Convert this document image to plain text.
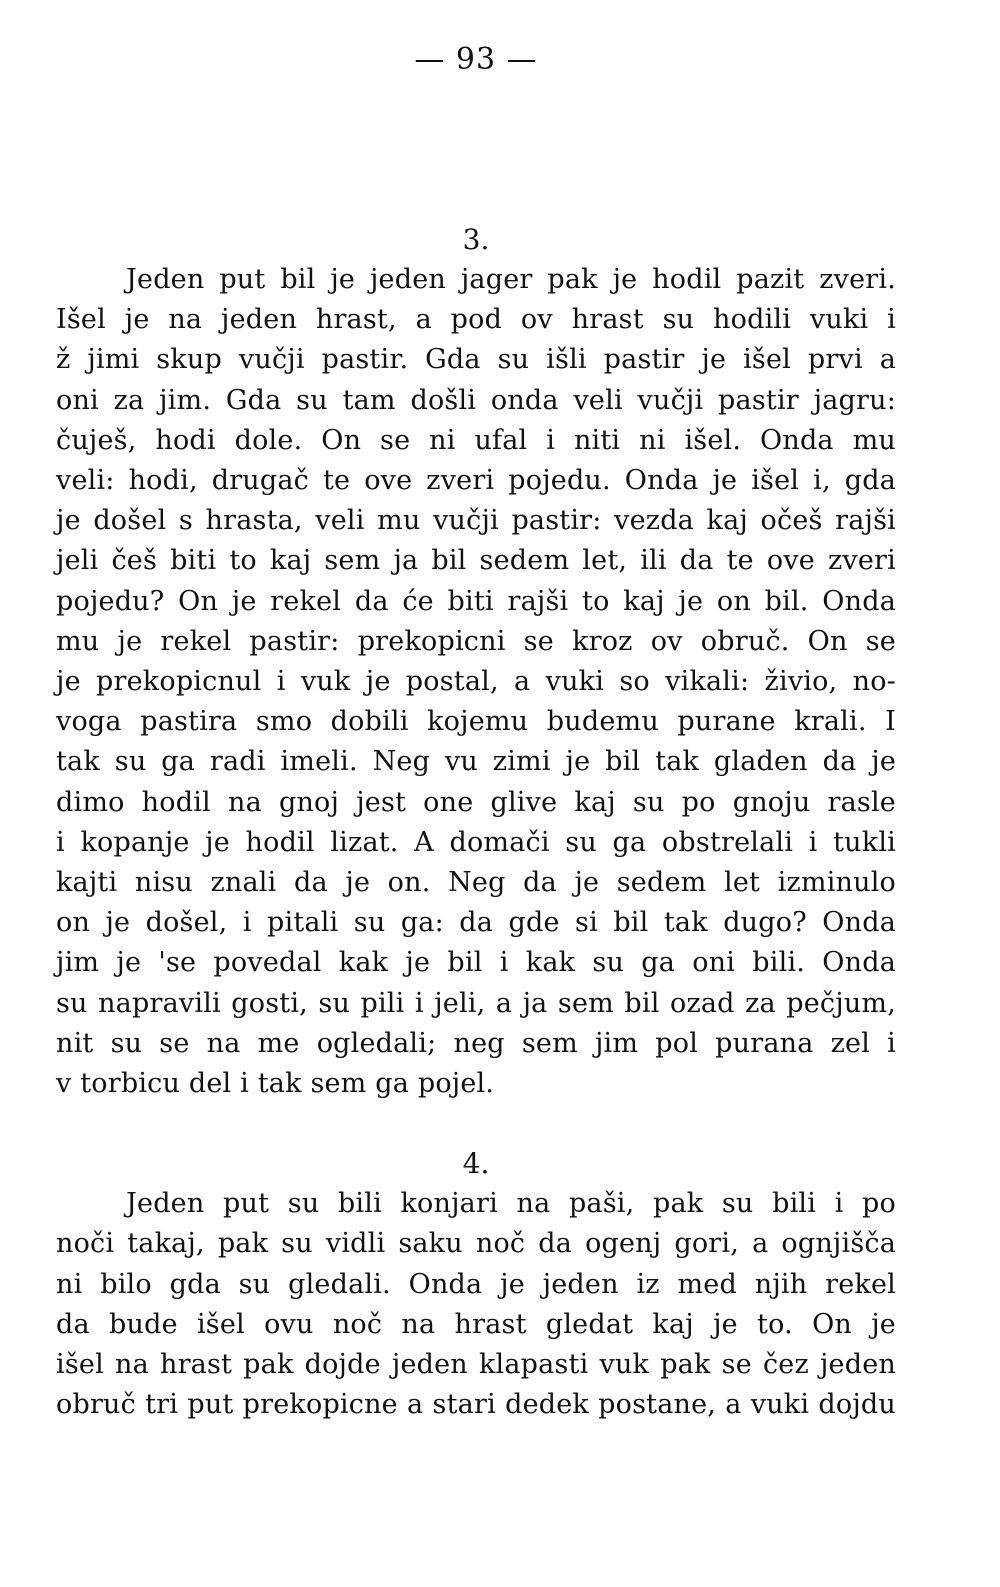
— 93 —
3.
Jeden put bil je jeden jager pak je hodil pazit zveri.
Išel je na jeden hrast, a pod ov hrast su hodili vuki i
ž jimi skup vučji pastir. Gda su išli pastir je išel prvi a
oni za jim. Gda su tam došli onda veli vučji pastir jagru:
čuješ, hodi dole. On se ni ufal i niti ni išel. Onda mu
veli: hodi, drugač te ove zveri pojedu. Onda je išel i, gda
je došel s hrasta, veli mu vučji pastir: vezda kaj očeš rajši
jeli češ biti to kaj sem ja bil sedem let, ili da te ove zveri
pojedu? On je rekel da će biti rajši to kaj je on bil. Onda
mu je rekel pastir: prekopicni se kroz ov obruč. On se
je prekopicnul i vuk je postal, a vuki so vikali: živio, no-
voga pastira smo dobili kojemu budemu purane krali. I
tak su ga radi imeli. Neg vu zimi je bil tak gladen da je
dimo hodil na gnoj jest one glive kaj su po gnoju rasle
i kopanje je hodil lizat. A domači su ga obstrelali i tukli
kajti nisu znali da je on. Neg da je sedem let izminulo
on je došel, i pitali su ga: da gde si bil tak dugo? Onda
jim je 'se povedal kak je bil i kak su ga oni bili. Onda
su napravili gosti, su pili i jeli, a ja sem bil ozad za pečjum,
nit su se na me ogledali; neg sem jim pol purana zel i
v torbicu del i tak sem ga pojel.
4.
Jeden put su bili konjari na paši, pak su bili i po
noči takaj, pak su vidli saku noč da ogenj gori, a ognjišča
ni bilo gda su gledali. Onda je jeden iz med njih rekel
da bude išel ovu noč na hrast gledat kaj je to. On je
išel na hrast pak dojde jeden klapasti vuk pak se čez jeden
obruč tri put prekopicne a stari dedek postane, a vuki dojdu
